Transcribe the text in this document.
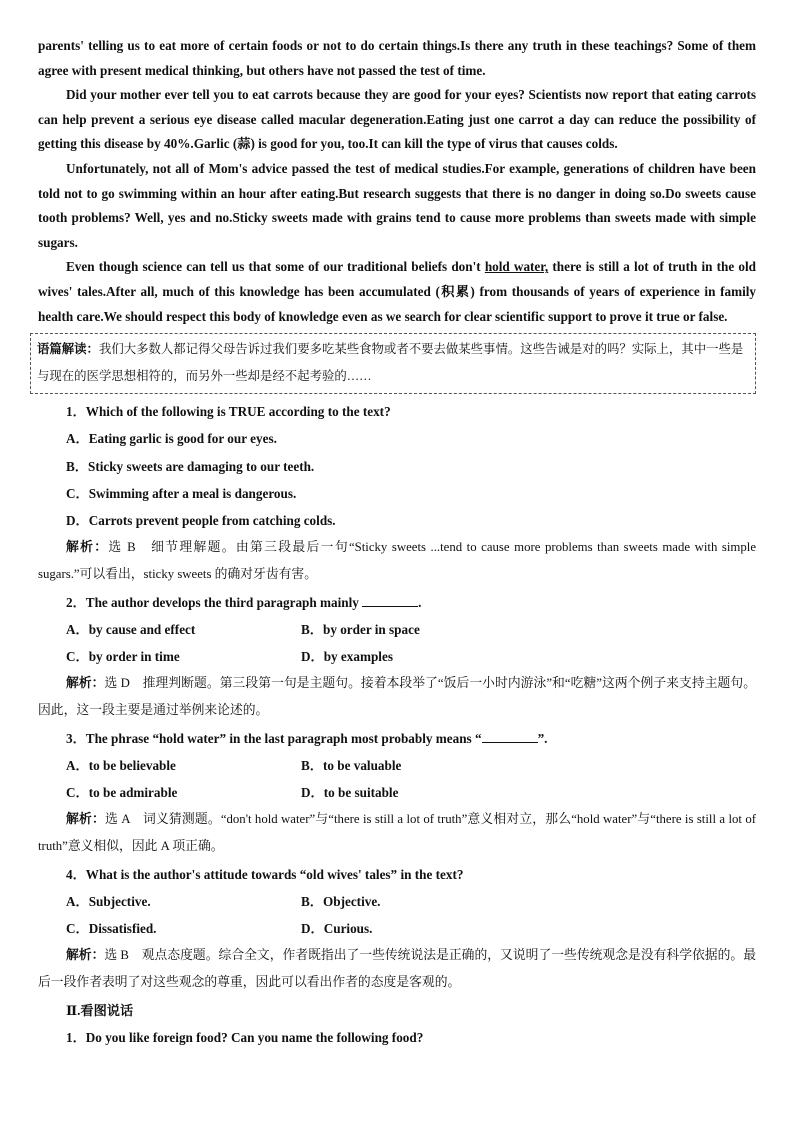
parents' telling us to eat more of certain foods or not to do certain things.Is there any truth in these teachings? Some of them agree with present medical thinking, but others have not passed the test of time.

Did your mother ever tell you to eat carrots because they are good for your eyes? Scientists now report that eating carrots can help prevent a serious eye disease called macular degeneration.Eating just one carrot a day can reduce the possibility of getting this disease by 40%.Garlic (蒜) is good for you, too.It can kill the type of virus that causes colds.

Unfortunately, not all of Mom's advice passed the test of medical studies.For example, generations of children have been told not to go swimming within an hour after eating.But research suggests that there is no danger in doing so.Do sweets cause tooth problems? Well, yes and no.Sticky sweets made with grains tend to cause more problems than sweets made with simple sugars.

Even though science can tell us that some of our traditional beliefs don't hold water, there is still a lot of truth in the old wives' tales.After all, much of this knowledge has been accumulated (积累) from thousands of years of experience in family health care.We should respect this body of knowledge even as we search for clear scientific support to prove it true or false.

语篇解读：我们大多数人都记得父母告诉过我们要多吃某些食物或者不要去做某些事情。这些告诫是对的吗？实际上，其中一些是与现在的医学思想相符的，而另外一些却是经不起考验的……

1．Which of the following is TRUE according to the text?

A．Eating garlic is good for our eyes.

B．Sticky sweets are damaging to our teeth.

C．Swimming after a meal is dangerous.

D．Carrots prevent people from catching colds.

解析：选 B　细节理解题。由第三段最后一句“Sticky sweets ...tend to cause more problems than sweets made with simple sugars.”可以看出，sticky sweets 的确对牙齿有害。

2．The author develops the third paragraph mainly	.

A．by cause and effect	B．by order in space
C．by order in time	D．by examples

解析：选 D　推理判断题。第三段第一句是主题句。接着本段举了“饭后一小时内游泳”和“吃糖”这两个例子来支持主题句。因此，这一段主要是通过举例来论述的。

3．The phrase “hold water” in the last paragraph most probably means “	”.

A．to be believable	B．to be valuable
C．to be admirable	D．to be suitable

解析：选 A　词义猜测题。“don't hold water”与“there is still a lot of truth”意义相对立，那么“hold water”与“there is still a lot of truth”意义相似，因此 A 项正确。

4．What is the author's attitude towards “old wives' tales” in the text?

A．Subjective.	B．Objective.
C．Dissatisfied.	D．Curious.

解析：选 B　观点态度题。综合全文，作者既指出了一些传统说法是正确的，又说明了一些传统观念是没有科学依据的。最后一段作者表明了对这些观念的尊重，因此可以看出作者的态度是客观的。

Ⅱ.看图说话

1．Do you like foreign food? Can you name the following food?
